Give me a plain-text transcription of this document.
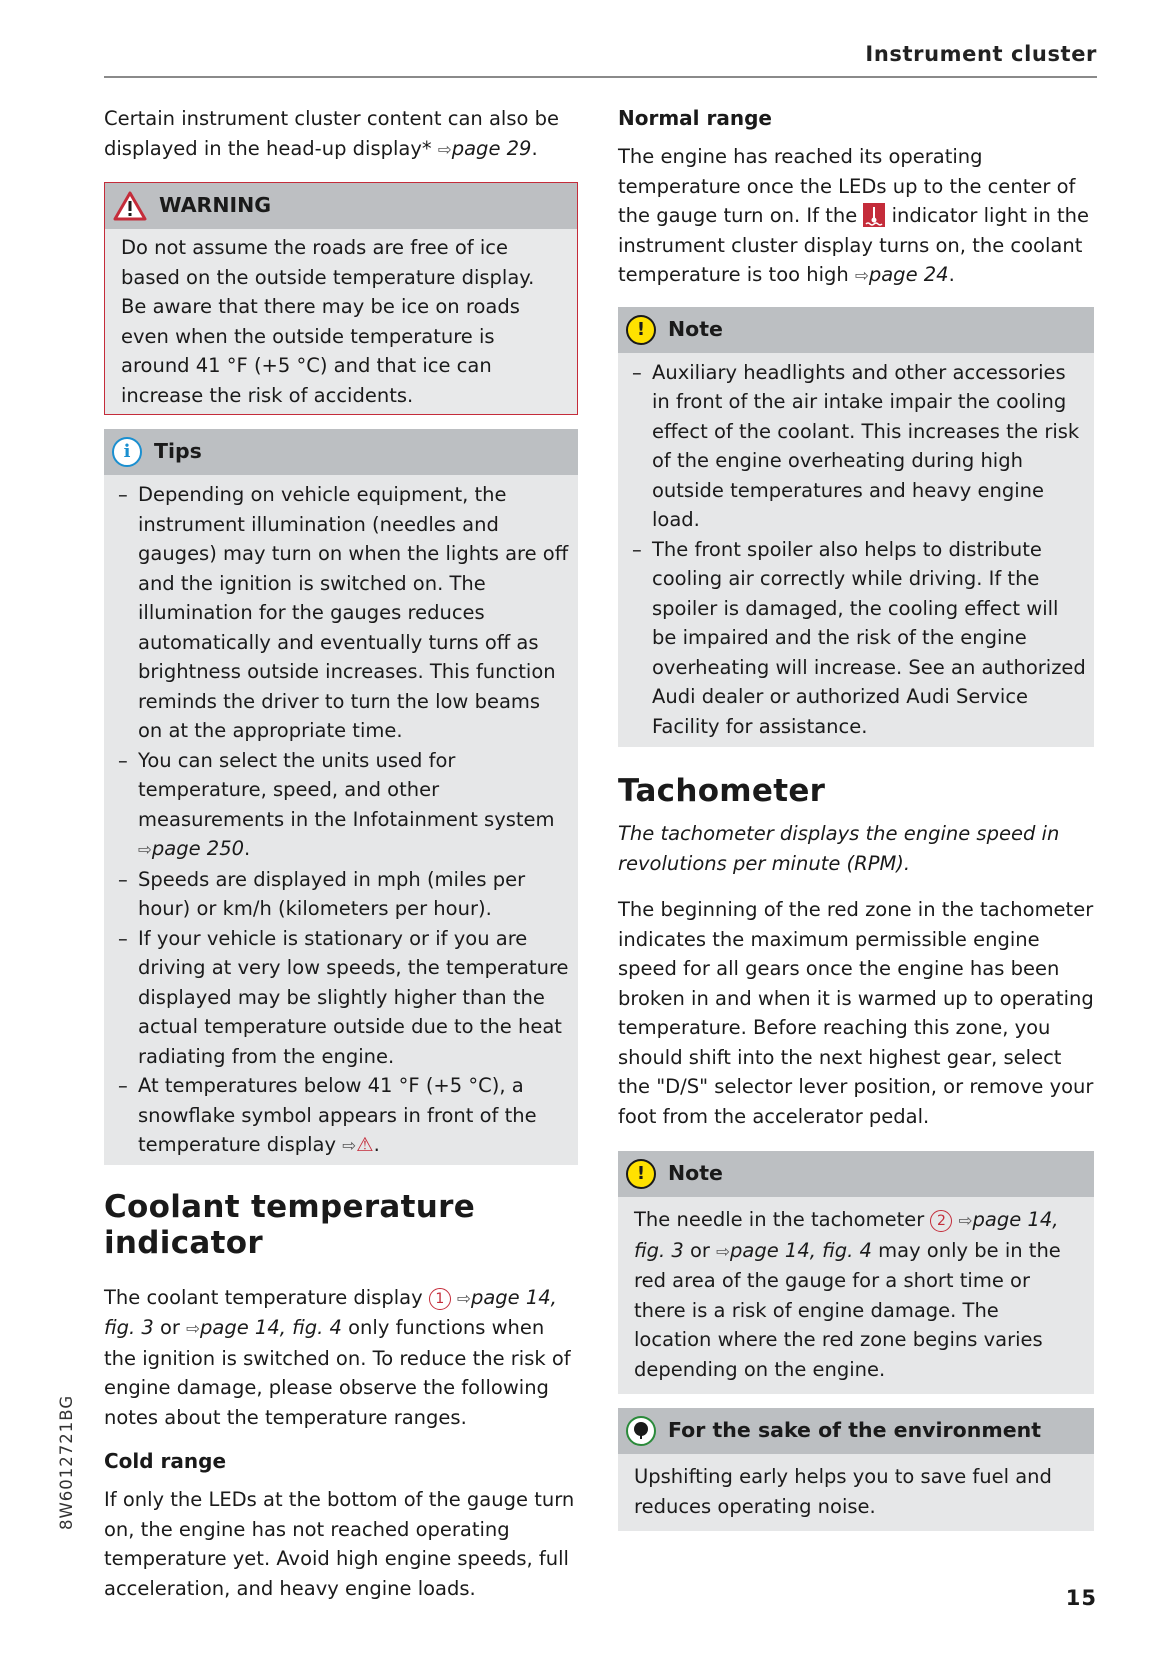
Instrument cluster

Certain instrument cluster content can also be displayed in the head-up display* ⇨page 29.

WARNING
Do not assume the roads are free of ice based on the outside temperature display. Be aware that there may be ice on roads even when the outside temperature is around 41 °F (+5 °C) and that ice can increase the risk of accidents.
i	Tips
– Depending on vehicle equipment, the instrument illumination (needles and gauges) may turn on when the lights are off and the ignition is switched on. The illumination for the gauges reduces automatically and eventually turns off as brightness outside increases. This function reminds the driver to turn the low beams on at the appropriate time.
– You can select the units used for temperature, speed, and other measurements in the Infotainment system ⇨page 250.
– Speeds are displayed in mph (miles per hour) or km/h (kilometers per hour).
– If your vehicle is stationary or if you are driving at very low speeds, the temperature displayed may be slightly higher than the actual temperature outside due to the heat radiating from the engine.
– At temperatures below 41 °F (+5 °C), a snowflake symbol appears in front of the temperature display ⇨⚠.
Coolant temperature indicator

The coolant temperature display 1 ⇨page 14, fig. 3 or ⇨page 14, fig. 4 only functions when the ignition is switched on. To reduce the risk of engine damage, please observe the following notes about the temperature ranges.

Cold range

If only the LEDs at the bottom of the gauge turn on, the engine has not reached operating temperature yet. Avoid high engine speeds, full acceleration, and heavy engine loads.

Normal range

The engine has reached its operating temperature once the LEDs up to the center of the gauge turn on. If the indicator light in the instrument cluster display turns on, the coolant temperature is too high ⇨page 24.

!	Note
– Auxiliary headlights and other accessories in front of the air intake impair the cooling effect of the coolant. This increases the risk of the engine overheating during high outside temperatures and heavy engine load.
– The front spoiler also helps to distribute cooling air correctly while driving. If the spoiler is damaged, the cooling effect will be impaired and the risk of the engine overheating will increase. See an authorized Audi dealer or authorized Audi Service Facility for assistance.
Tachometer

The tachometer displays the engine speed in revolutions per minute (RPM).

The beginning of the red zone in the tachometer indicates the maximum permissible engine speed for all gears once the engine has been broken in and when it is warmed up to operating temperature. Before reaching this zone, you should shift into the next highest gear, select the "D/S" selector lever position, or remove your foot from the accelerator pedal.

!	Note
The needle in the tachometer 2 ⇨page 14, fig. 3 or ⇨page 14, fig. 4 may only be in the red area of the gauge for a short time or there is a risk of engine damage. The location where the red zone begins varies depending on the engine.
For the sake of the environment
Upshifting early helps you to save fuel and reduces operating noise.
8W6012721BG
15
